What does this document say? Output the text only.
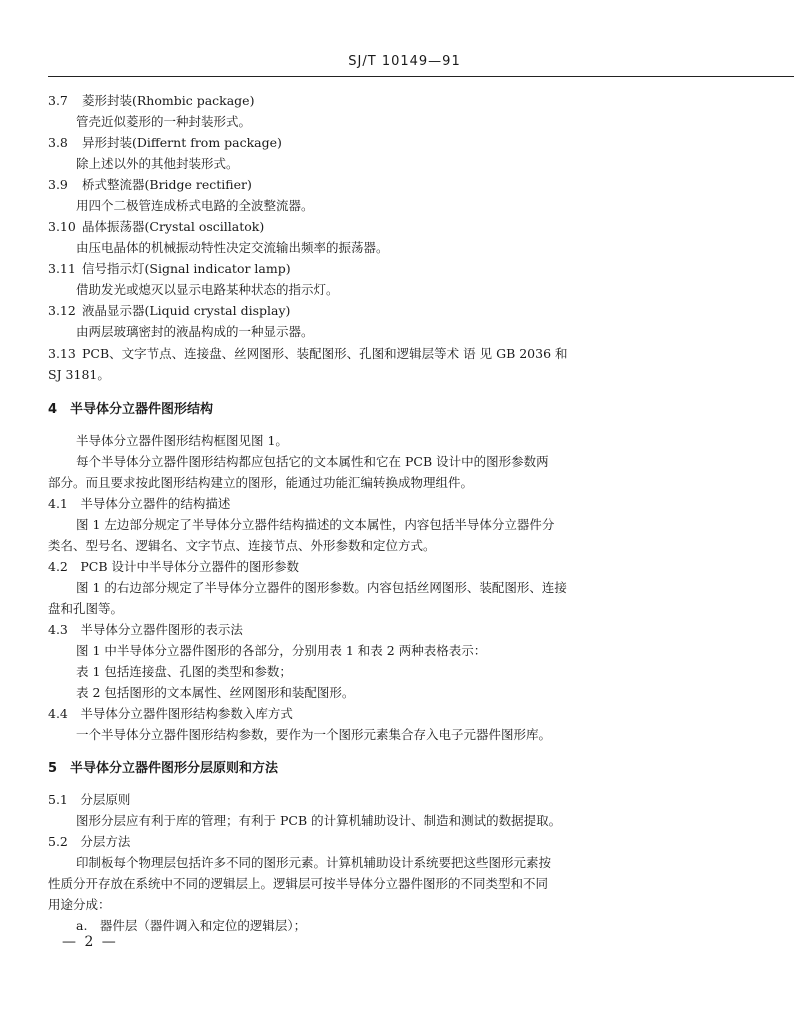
SJ/T 10149—91
3.7 菱形封装(Rhombic package)
管壳近似菱形的一种封装形式。
3.8 异形封装(Differnt from package)
除上述以外的其他封装形式。
3.9 桥式整流器(Bridge rectifier)
用四个二极管连成桥式电路的全波整流器。
3.10 晶体振荡器(Crystal oscillatok)
由压电晶体的机械振动特性决定交流输出频率的振荡器。
3.11 信号指示灯(Signal indicator lamp)
借助发光或熄灭以显示电路某种状态的指示灯。
3.12 液晶显示器(Liquid crystal display)
由两层玻璃密封的液晶构成的一种显示器。
3.13 PCB、文字节点、连接盘、丝网图形、装配图形、孔图和逻辑层等术 语 见 GB 2036 和
SJ 3181。
4　半导体分立器件图形结构
半导体分立器件图形结构框图见图 1。
每个半导体分立器件图形结构都应包括它的文本属性和它在 PCB 设计中的图形参数两
部分。而且要求按此图形结构建立的图形，能通过功能汇编转换成物理组件。
4.1　半导体分立器件的结构描述
图 1 左边部分规定了半导体分立器件结构描述的文本属性，内容包括半导体分立器件分
类名、型号名、逻辑名、文字节点、连接节点、外形参数和定位方式。
4.2　PCB 设计中半导体分立器件的图形参数
图 1 的右边部分规定了半导体分立器件的图形参数。内容包括丝网图形、装配图形、连接
盘和孔图等。
4.3　半导体分立器件图形的表示法
图 1 中半导体分立器件图形的各部分，分别用表 1 和表 2 两种表格表示：
表 1 包括连接盘、孔图的类型和参数；
表 2 包括图形的文本属性、丝网图形和装配图形。
4.4　半导体分立器件图形结构参数入库方式
一个半导体分立器件图形结构参数，要作为一个图形元素集合存入电子元器件图形库。
5　半导体分立器件图形分层原则和方法
5.1　分层原则
图形分层应有利于库的管理；有利于 PCB 的计算机辅助设计、制造和测试的数据提取。
5.2　分层方法
印制板每个物理层包括许多不同的图形元素。计算机辅助设计系统要把这些图形元素按
性质分开存放在系统中不同的逻辑层上。逻辑层可按半导体分立器件图形的不同类型和不同
用途分成：
a.　器件层（器件调入和定位的逻辑层）；
— 2 —
